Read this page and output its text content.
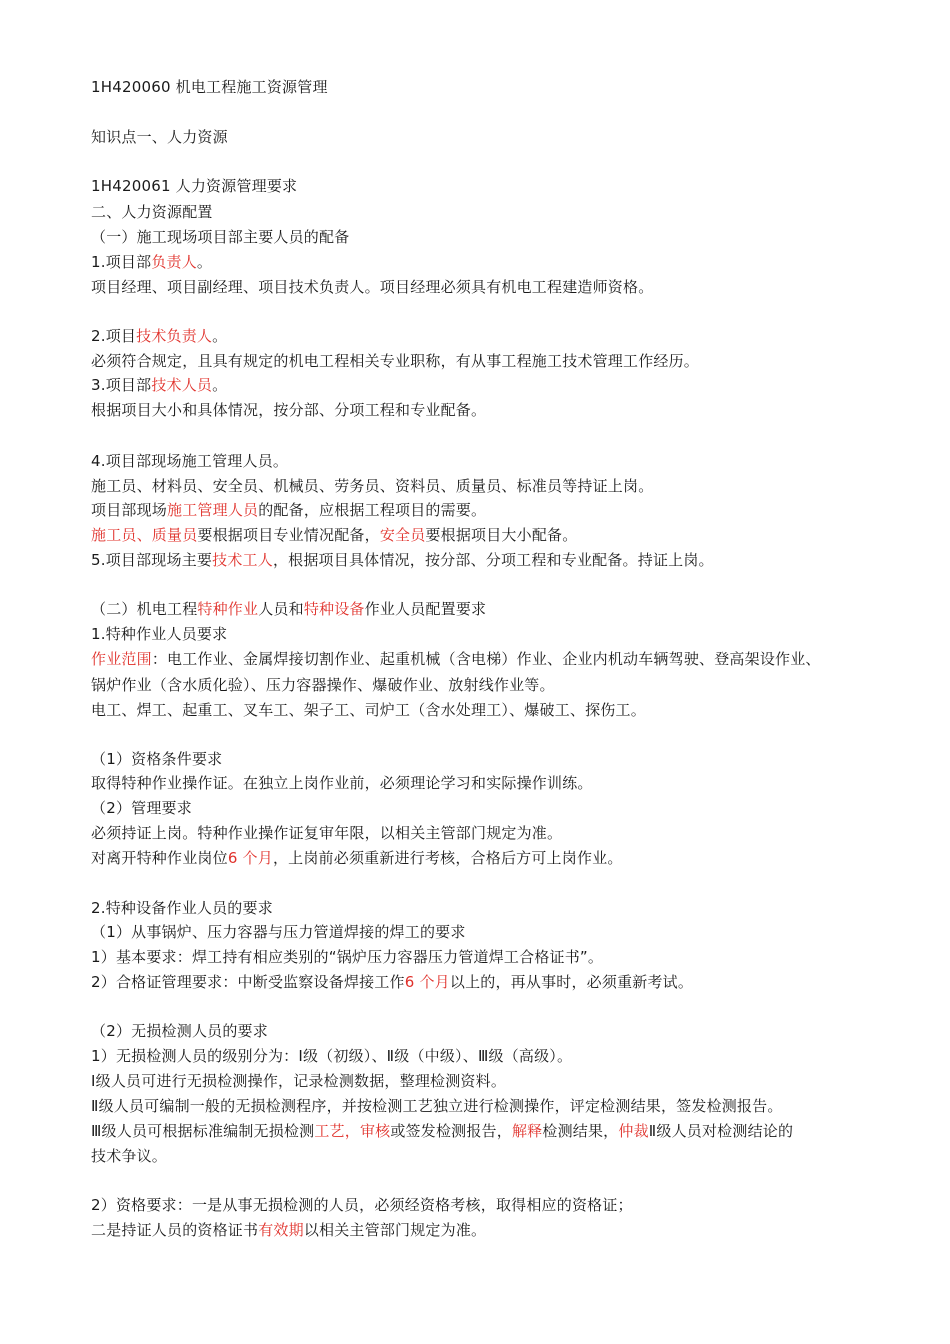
1H420060 机电工程施工资源管理
知识点一、人力资源
1H420061 人力资源管理要求
二、人力资源配置
（一）施工现场项目部主要人员的配备
1.项目部负责人。
项目经理、项目副经理、项目技术负责人。项目经理必须具有机电工程建造师资格。
2.项目技术负责人。
必须符合规定，且具有规定的机电工程相关专业职称，有从事工程施工技术管理工作经历。
3.项目部技术人员。
根据项目大小和具体情况，按分部、分项工程和专业配备。
4.项目部现场施工管理人员。
施工员、材料员、安全员、机械员、劳务员、资料员、质量员、标准员等持证上岗。
项目部现场施工管理人员的配备，应根据工程项目的需要。
施工员、质量员要根据项目专业情况配备，安全员要根据项目大小配备。
5.项目部现场主要技术工人，根据项目具体情况，按分部、分项工程和专业配备。持证上岗。
（二）机电工程特种作业人员和特种设备作业人员配置要求
1.特种作业人员要求
作业范围：电工作业、金属焊接切割作业、起重机械（含电梯）作业、企业内机动车辆驾驶、登高架设作业、
锅炉作业（含水质化验）、压力容器操作、爆破作业、放射线作业等。
电工、焊工、起重工、叉车工、架子工、司炉工（含水处理工）、爆破工、探伤工。
（1）资格条件要求
取得特种作业操作证。在独立上岗作业前，必须理论学习和实际操作训练。
（2）管理要求
必须持证上岗。特种作业操作证复审年限，以相关主管部门规定为准。
对离开特种作业岗位6 个月，上岗前必须重新进行考核，合格后方可上岗作业。
2.特种设备作业人员的要求
（1）从事锅炉、压力容器与压力管道焊接的焊工的要求
1）基本要求：焊工持有相应类别的“锅炉压力容器压力管道焊工合格证书”。
2）合格证管理要求：中断受监察设备焊接工作6 个月以上的，再从事时，必须重新考试。
（2）无损检测人员的要求
1）无损检测人员的级别分为：Ⅰ级（初级）、Ⅱ级（中级）、Ⅲ级（高级）。
Ⅰ级人员可进行无损检测操作，记录检测数据，整理检测资料。
Ⅱ级人员可编制一般的无损检测程序，并按检测工艺独立进行检测操作，评定检测结果，签发检测报告。
Ⅲ级人员可根据标准编制无损检测工艺，审核或签发检测报告，解释检测结果，仲裁Ⅱ级人员对检测结论的
技术争议。
2）资格要求：一是从事无损检测的人员，必须经资格考核，取得相应的资格证；
二是持证人员的资格证书有效期以相关主管部门规定为准。
